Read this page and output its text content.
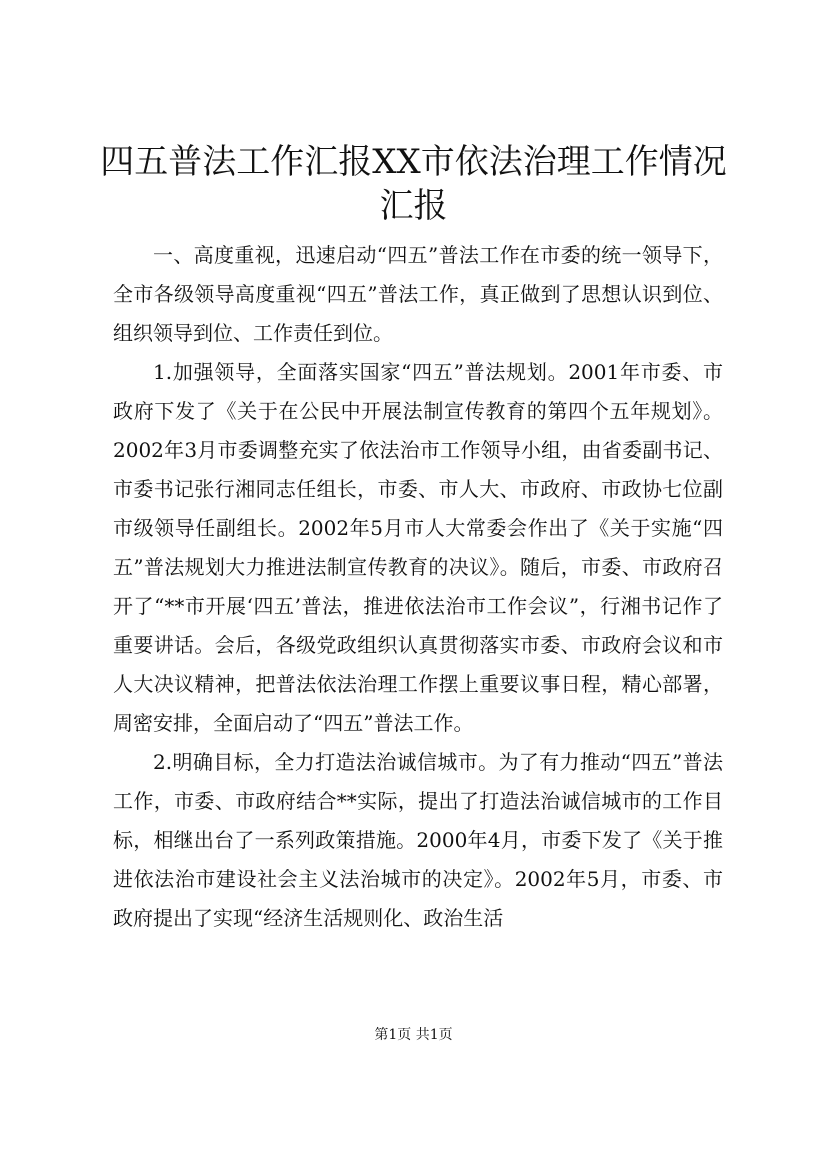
四五普法工作汇报XX市依法治理工作情况汇报

一、高度重视，迅速启动“四五”普法工作在市委的统一领导下，全市各级领导高度重视“四五”普法工作，真正做到了思想认识到位、组织领导到位、工作责任到位。

1.加强领导，全面落实国家“四五”普法规划。2001年市委、市政府下发了《关于在公民中开展法制宣传教育的第四个五年规划》。2002年3月市委调整充实了依法治市工作领导小组，由省委副书记、市委书记张行湘同志任组长，市委、市人大、市政府、市政协七位副市级领导任副组长。2002年5月市人大常委会作出了《关于实施“四五”普法规划大力推进法制宣传教育的决议》。随后，市委、市政府召开了“**市开展‘四五’普法，推进依法治市工作会议”，行湘书记作了重要讲话。会后，各级党政组织认真贯彻落实市委、市政府会议和市人大决议精神，把普法依法治理工作摆上重要议事日程，精心部署，周密安排，全面启动了“四五”普法工作。

2.明确目标，全力打造法治诚信城市。为了有力推动“四五”普法工作，市委、市政府结合**实际，提出了打造法治诚信城市的工作目标，相继出台了一系列政策措施。2000年4月，市委下发了《关于推进依法治市建设社会主义法治城市的决定》。2002年5月，市委、市政府提出了实现“经济生活规则化、政治生活

第1页 共1页
